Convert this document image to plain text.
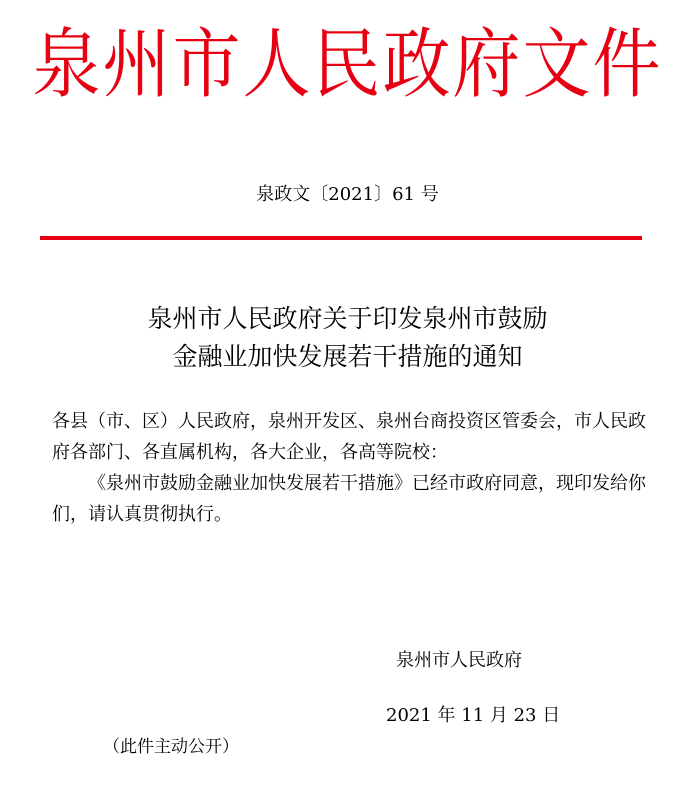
泉州市人民政府文件
泉政文〔2021〕61 号
泉州市人民政府关于印发泉州市鼓励
金融业加快发展若干措施的通知

各县（市、区）人民政府，泉州开发区、泉州台商投资区管委会，市人民政府各部门、各直属机构，各大企业，各高等院校：

《泉州市鼓励金融业加快发展若干措施》已经市政府同意，现印发给你们，请认真贯彻执行。

泉州市人民政府
2021 年 11 月 23 日
（此件主动公开）
